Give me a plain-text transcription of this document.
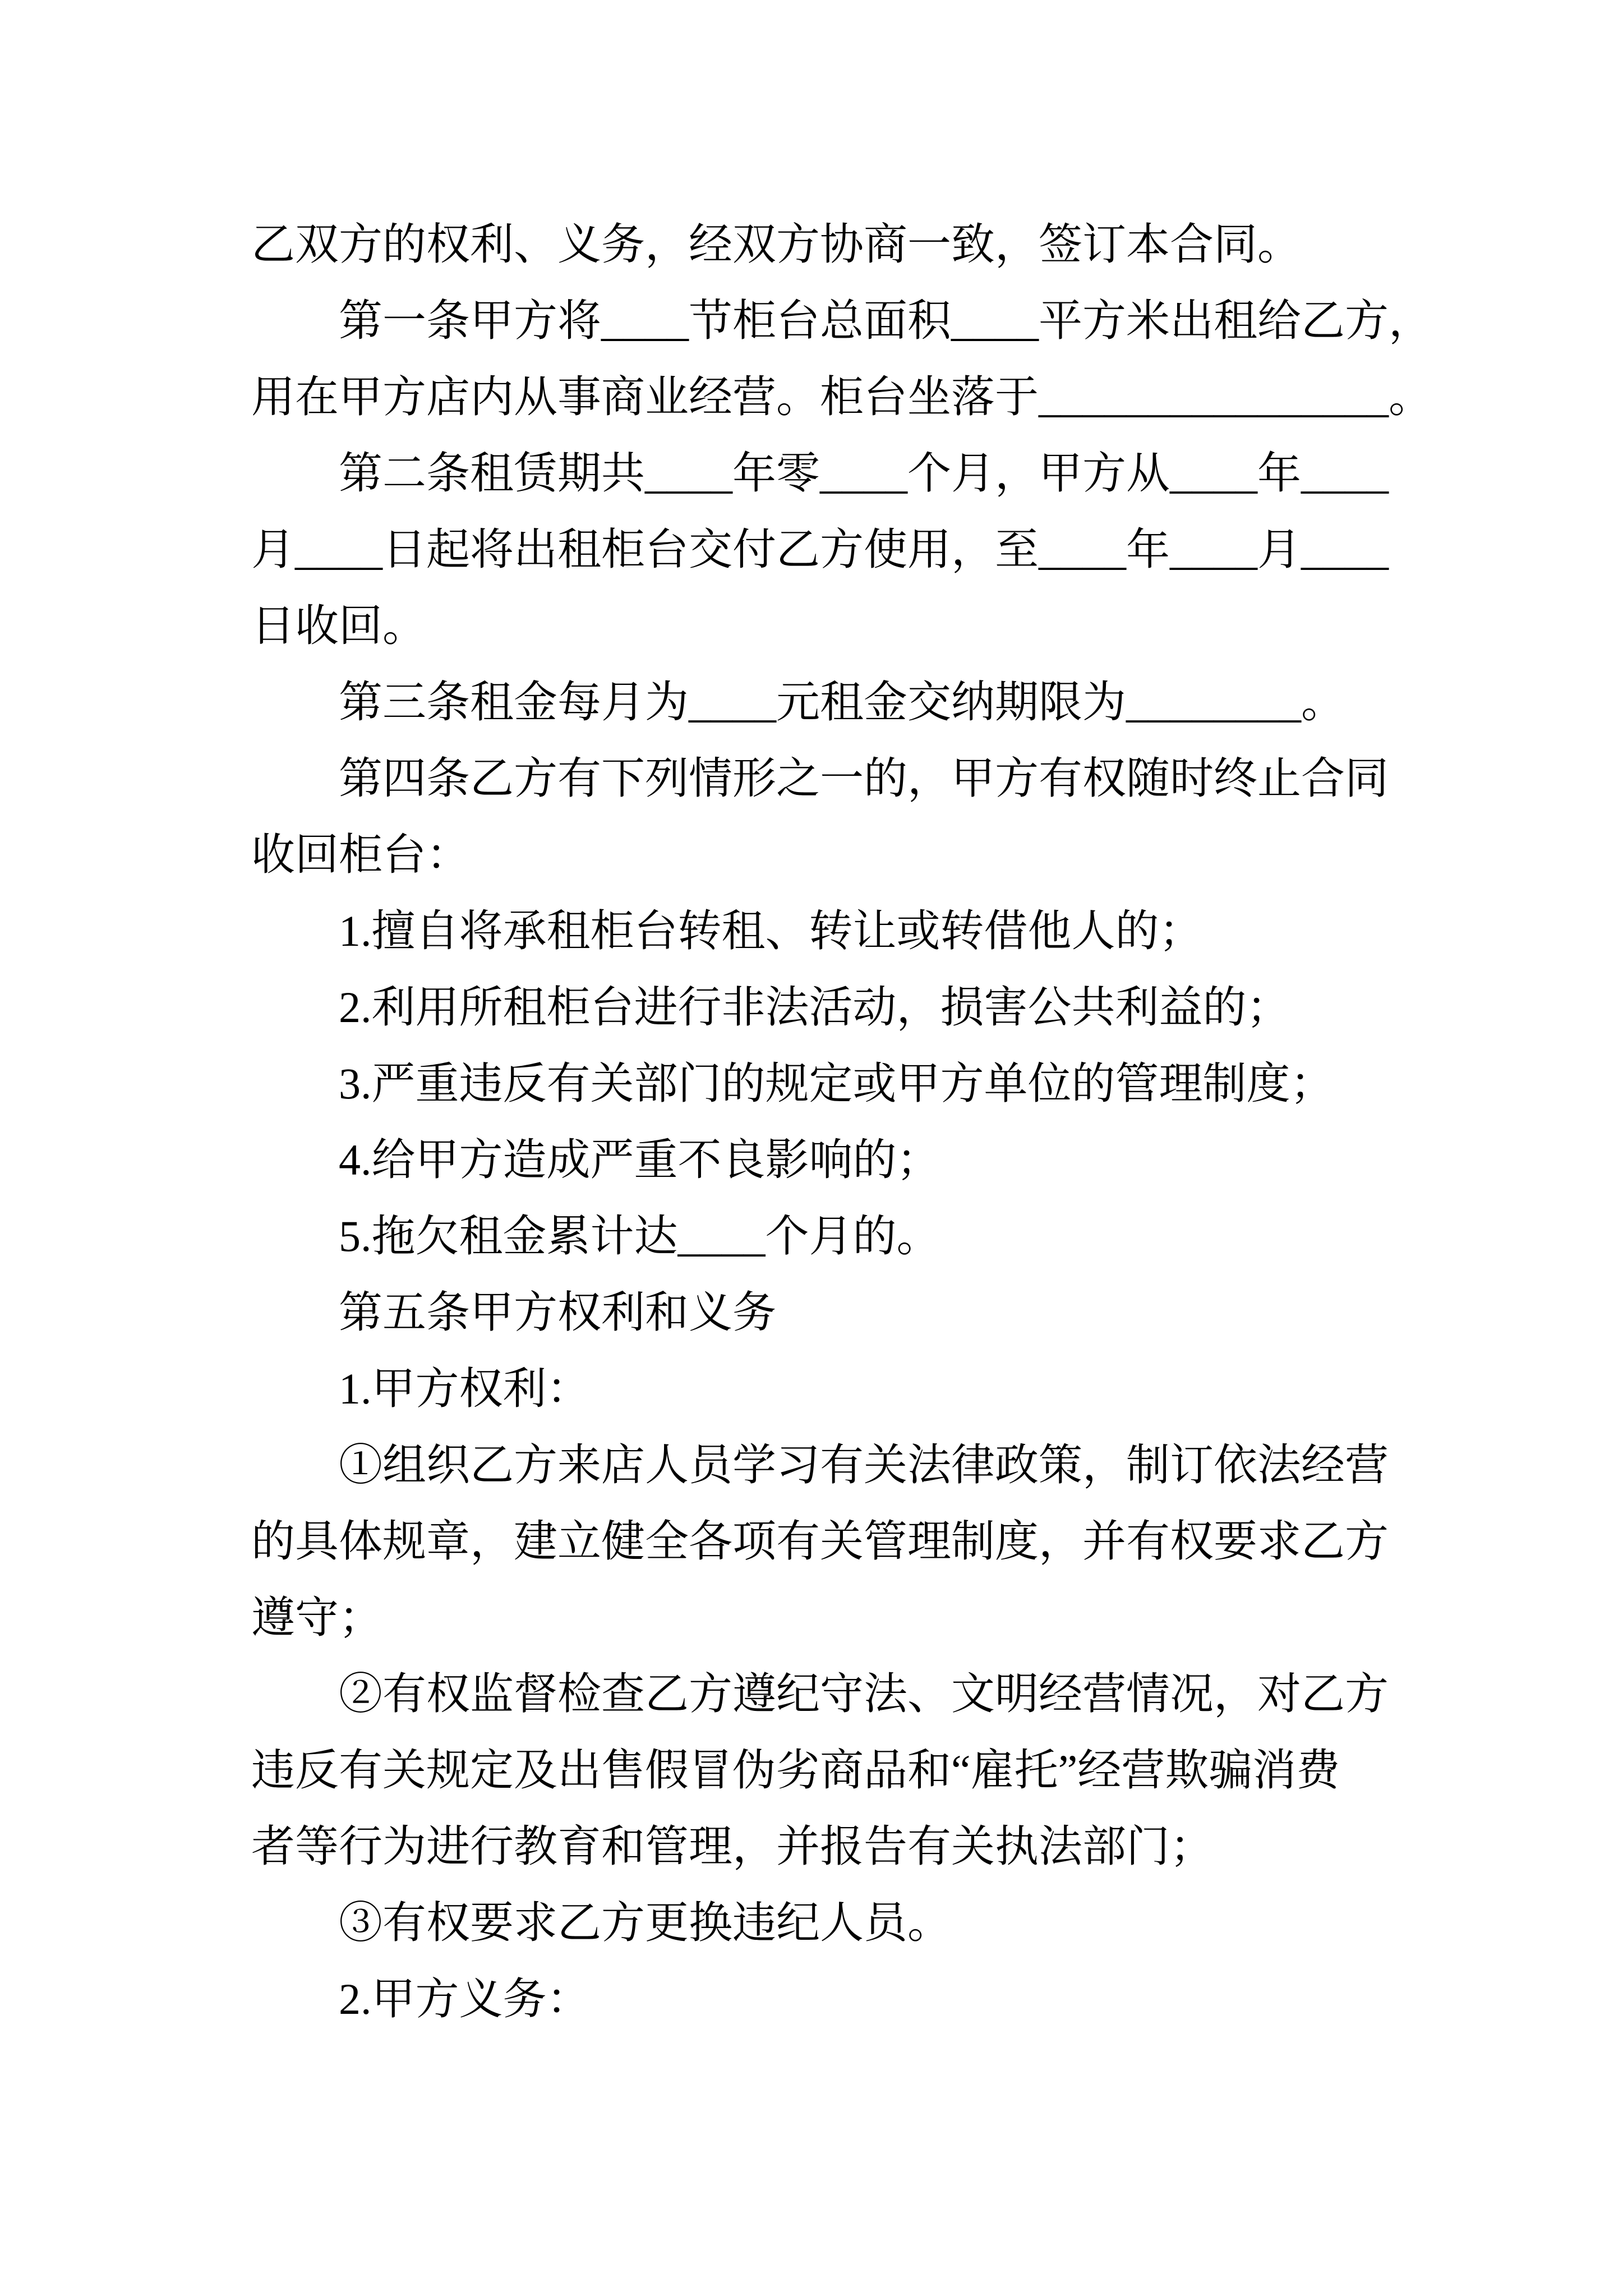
乙双方的权利、义务，经双方协商一致，签订本合同。
第一条甲方将____节柜台总面积____平方米出租给乙方，
用在甲方店内从事商业经营。柜台坐落于________________。
第二条租赁期共____年零____个月，甲方从____年____
月____日起将出租柜台交付乙方使用，至____年____月____
日收回。
第三条租金每月为____元租金交纳期限为________。
第四条乙方有下列情形之一的，甲方有权随时终止合同
收回柜台：
1.擅自将承租柜台转租、转让或转借他人的；
2.利用所租柜台进行非法活动，损害公共利益的；
3.严重违反有关部门的规定或甲方单位的管理制度；
4.给甲方造成严重不良影响的；
5.拖欠租金累计达____个月的。
第五条甲方权利和义务
1.甲方权利：
①组织乙方来店人员学习有关法律政策，制订依法经营
的具体规章，建立健全各项有关管理制度，并有权要求乙方
遵守；
②有权监督检查乙方遵纪守法、文明经营情况，对乙方
违反有关规定及出售假冒伪劣商品和“雇托”经营欺骗消费
者等行为进行教育和管理，并报告有关执法部门；
③有权要求乙方更换违纪人员。
2.甲方义务：
